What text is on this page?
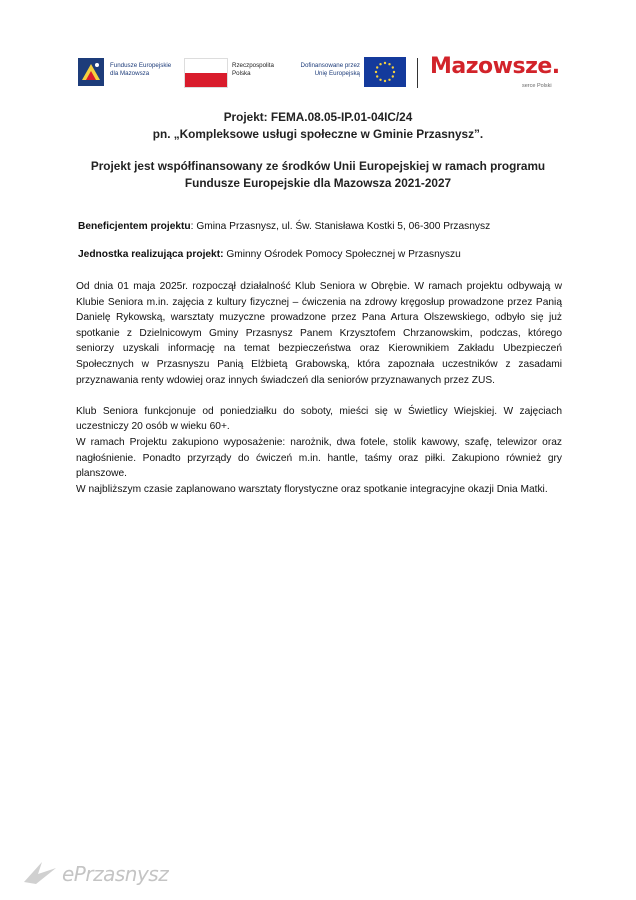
Fundusze Europejskie
dla Mazowsza
Rzeczpospolita
Polska
Dofinansowane przez
Unię Europejską	Mazowsze.
serce Polski
Projekt: FEMA.08.05-IP.01-04IC/24
pn. „Kompleksowe usługi społeczne w Gminie Przasnysz”.
Projekt jest współfinansowany ze środków Unii Europejskiej w ramach programu
Fundusze Europejskie dla Mazowsza 2021-2027
Beneficjentem projektu: Gmina Przasnysz, ul. Św. Stanisława Kostki 5, 06-300 Przasnysz
Jednostka realizująca projekt: Gminny Ośrodek Pomocy Społecznej w Przasnyszu

Od dnia 01 maja 2025r. rozpoczął działalność Klub Seniora w Obrębie. W ramach projektu odbywają w Klubie Seniora m.in. zajęcia z kultury fizycznej – ćwiczenia na zdrowy kręgosłup prowadzone przez Panią Danielę Rykowską, warsztaty muzyczne prowadzone przez Pana Artura Olszewskiego, odbyło się już spotkanie z Dzielnicowym Gminy Przasnysz Panem Krzysztofem Chrzanowskim, podczas, którego seniorzy uzyskali informację na temat bezpieczeństwa oraz Kierownikiem Zakładu Ubezpieczeń Społecznych w Przasnyszu Panią Elżbietą Grabowską, która zapoznała uczestników z zasadami przyznawania renty wdowiej oraz innych świadczeń dla seniorów przyznawanych przez ZUS.

Klub Seniora funkcjonuje od poniedziałku do soboty, mieści się w Świetlicy Wiejskiej. W zajęciach uczestniczy 20 osób w wieku 60+.

W ramach Projektu zakupiono wyposażenie: narożnik, dwa fotele, stolik kawowy, szafę, telewizor oraz nagłośnienie. Ponadto przyrządy do ćwiczeń m.in. hantle, taśmy oraz piłki. Zakupiono również gry planszowe.

W najbliższym czasie zaplanowano warsztaty florystyczne oraz spotkanie integracyjne okazji Dnia Matki.

ePrzasnysz
